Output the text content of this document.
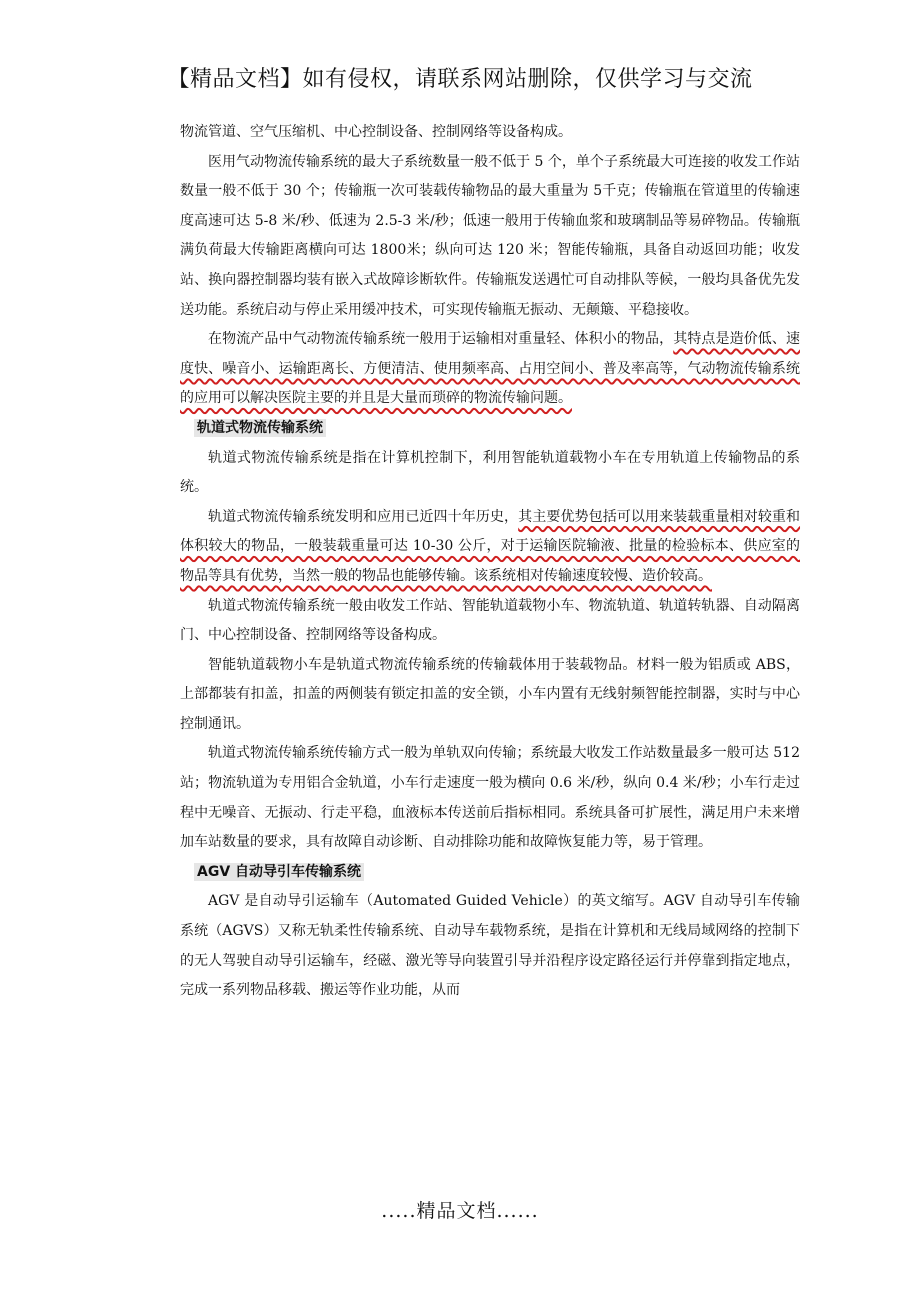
【精品文档】如有侵权，请联系网站删除，仅供学习与交流

物流管道、空气压缩机、中心控制设备、控制网络等设备构成。

医用气动物流传输系统的最大子系统数量一般不低于 5 个，单个子系统最大可连接的收发工作站数量一般不低于 30 个；传输瓶一次可装载传输物品的最大重量为 5千克；传输瓶在管道里的传输速度高速可达 5-8 米/秒、低速为 2.5-3 米/秒；低速一般用于传输血浆和玻璃制品等易碎物品。传输瓶满负荷最大传输距离横向可达 1800米；纵向可达 120 米；智能传输瓶，具备自动返回功能；收发站、换向器控制器均装有嵌入式故障诊断软件。传输瓶发送遇忙可自动排队等候，一般均具备优先发送功能。系统启动与停止采用缓冲技术，可实现传输瓶无振动、无颠簸、平稳接收。

在物流产品中气动物流传输系统一般用于运输相对重量轻、体积小的物品，其特点是造价低、速度快、噪音小、运输距离长、方便清洁、使用频率高、占用空间小、普及率高等，气动物流传输系统的应用可以解决医院主要的并且是大量而琐碎的物流传输问题。

轨道式物流传输系统

轨道式物流传输系统是指在计算机控制下，利用智能轨道载物小车在专用轨道上传输物品的系统。

轨道式物流传输系统发明和应用已近四十年历史，其主要优势包括可以用来装载重量相对较重和体积较大的物品，一般装载重量可达 10-30 公斤，对于运输医院输液、批量的检验标本、供应室的物品等具有优势，当然一般的物品也能够传输。该系统相对传输速度较慢、造价较高。

轨道式物流传输系统一般由收发工作站、智能轨道载物小车、物流轨道、轨道转轨器、自动隔离门、中心控制设备、控制网络等设备构成。

智能轨道载物小车是轨道式物流传输系统的传输载体用于装载物品。材料一般为铝质或 ABS，上部都装有扣盖，扣盖的两侧装有锁定扣盖的安全锁，小车内置有无线射频智能控制器，实时与中心控制通讯。

轨道式物流传输系统传输方式一般为单轨双向传输；系统最大收发工作站数量最多一般可达 512 站；物流轨道为专用铝合金轨道，小车行走速度一般为横向 0.6 米/秒，纵向 0.4 米/秒；小车行走过程中无噪音、无振动、行走平稳，血液标本传送前后指标相同。系统具备可扩展性，满足用户未来增加车站数量的要求，具有故障自动诊断、自动排除功能和故障恢复能力等，易于管理。

AGV 自动导引车传输系统

AGV 是自动导引运输车（Automated Guided Vehicle）的英文缩写。AGV 自动导引车传输系统（AGVS）又称无轨柔性传输系统、自动导车载物系统，是指在计算机和无线局域网络的控制下的无人驾驶自动导引运输车，经磁、激光等导向装置引导并沿程序设定路径运行并停靠到指定地点，完成一系列物品移载、搬运等作业功能，从而

.....精品文档......
